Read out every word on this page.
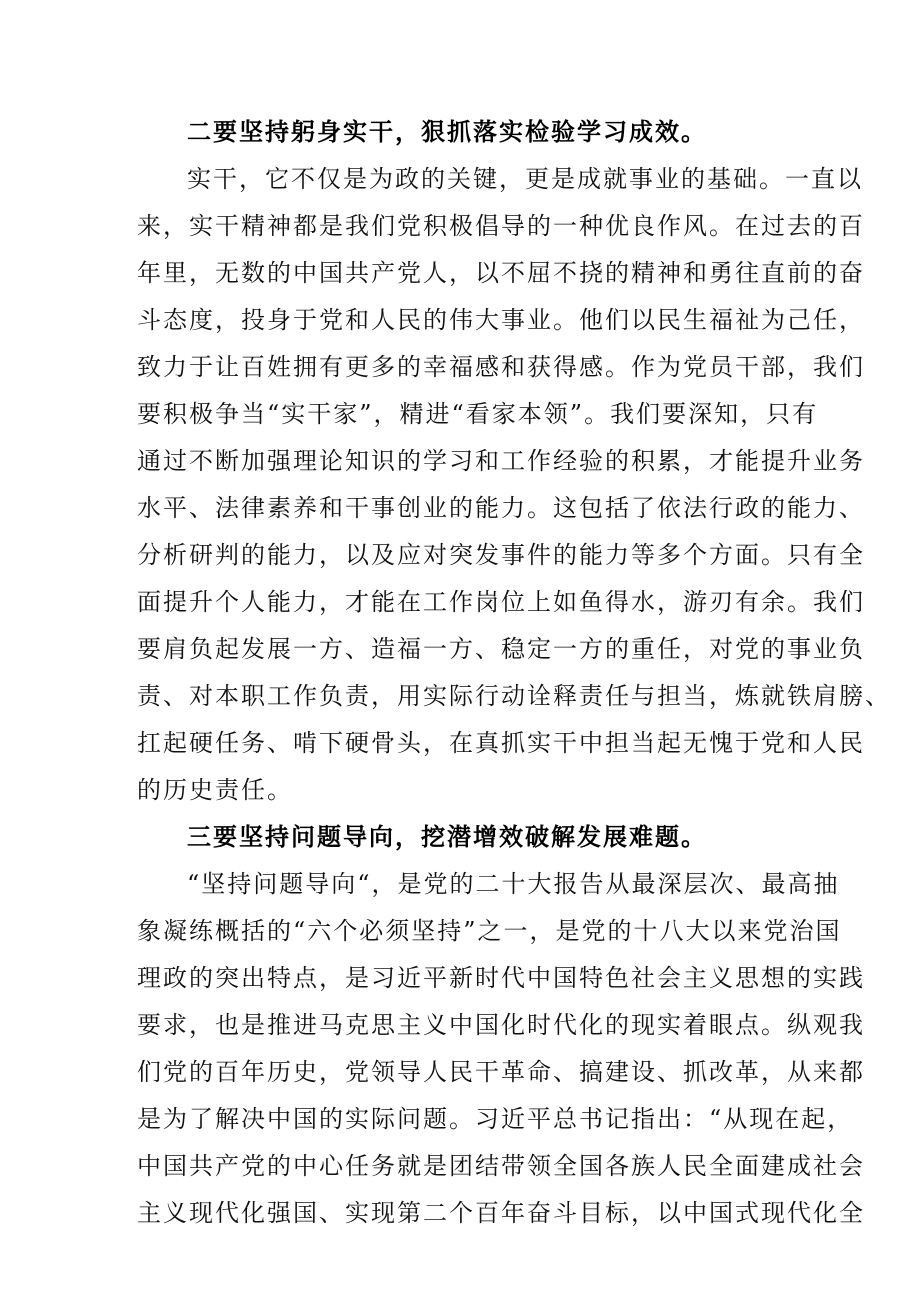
二要坚持躬身实干，狠抓落实检验学习成效。
实干，它不仅是为政的关键，更是成就事业的基础。一直以
来，实干精神都是我们党积极倡导的一种优良作风。在过去的百
年里，无数的中国共产党人，以不屈不挠的精神和勇往直前的奋
斗态度，投身于党和人民的伟大事业。他们以民生福祉为己任，
致力于让百姓拥有更多的幸福感和获得感。作为党员干部，我们
要积极争当“实干家”，精进“看家本领”。我们要深知，只有
通过不断加强理论知识的学习和工作经验的积累，才能提升业务
水平、法律素养和干事创业的能力。这包括了依法行政的能力、
分析研判的能力，以及应对突发事件的能力等多个方面。只有全
面提升个人能力，才能在工作岗位上如鱼得水，游刃有余。我们
要肩负起发展一方、造福一方、稳定一方的重任，对党的事业负
责、对本职工作负责，用实际行动诠释责任与担当，炼就铁肩膀、
扛起硬任务、啃下硬骨头，在真抓实干中担当起无愧于党和人民
的历史责任。
三要坚持问题导向，挖潜增效破解发展难题。
“坚持问题导向“，是党的二十大报告从最深层次、最高抽
象凝练概括的“六个必须坚持”之一，是党的十八大以来党治国
理政的突出特点，是习近平新时代中国特色社会主义思想的实践
要求，也是推进马克思主义中国化时代化的现实着眼点。纵观我
们党的百年历史，党领导人民干革命、搞建设、抓改革，从来都
是为了解决中国的实际问题。习近平总书记指出：“从现在起，
中国共产党的中心任务就是团结带领全国各族人民全面建成社会
主义现代化强国、实现第二个百年奋斗目标，以中国式现代化全
